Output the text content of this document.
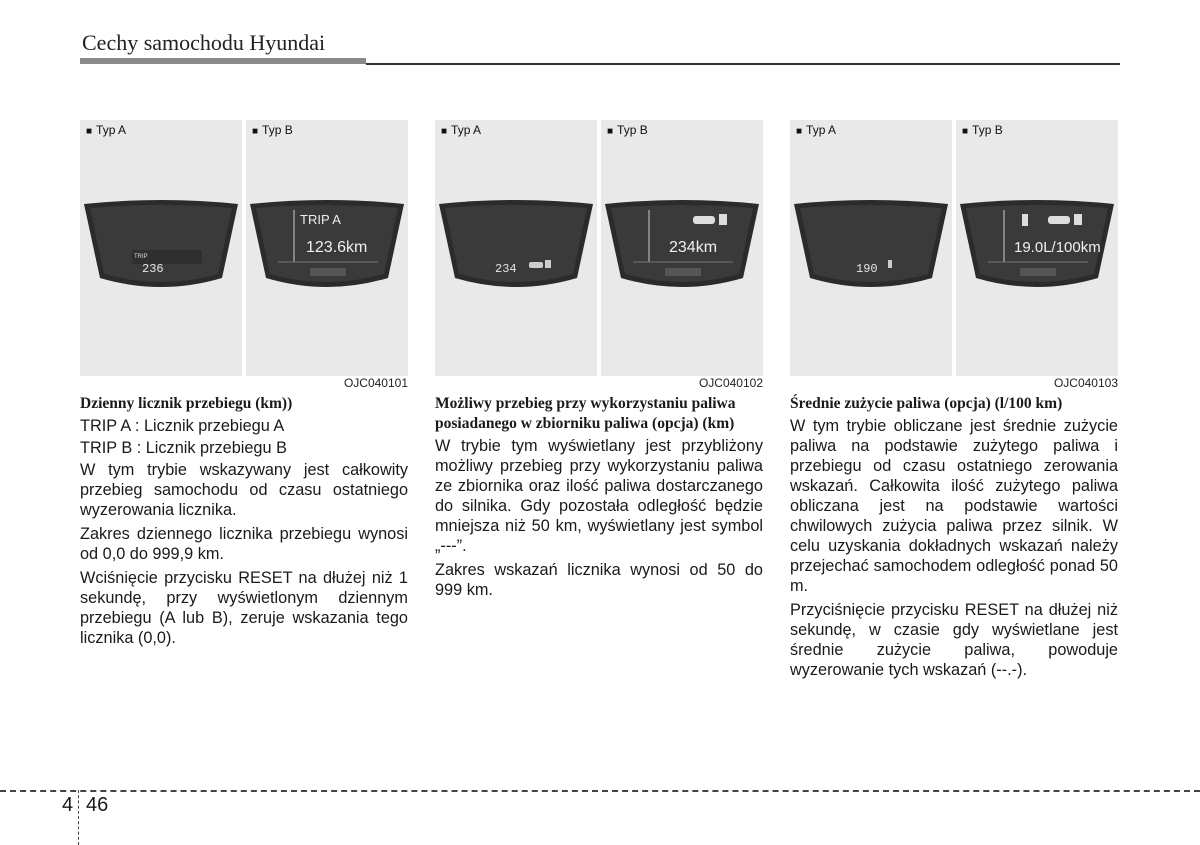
Cechy samochodu Hyundai
■ Typ A
TRIP
236
■ Typ B
TRIP A
123.6km
OJC040101
Dzienny licznik przebiegu (km))
TRIP A : Licznik przebiegu A
TRIP B : Licznik przebiegu B
W tym trybie wskazywany jest całkowity przebieg samochodu od czasu ostatniego wyzerowania licznika.
Zakres dziennego licznika przebiegu wynosi od 0,0 do 999,9 km.
Wciśnięcie przycisku RESET na dłużej niż 1 sekundę, przy wyświetlonym dziennym przebiegu (A lub B), zeruje wskazania tego licznika (0,0).
■ Typ A
234
■ Typ B
234km
OJC040102
Możliwy przebieg przy wykorzystaniu paliwa posiadanego w zbiorniku paliwa (opcja) (km)
W trybie tym wyświetlany jest przybliżony możliwy przebieg przy wykorzystaniu paliwa ze zbiornika oraz ilość paliwa dostarczanego do silnika. Gdy pozostała odległość będzie mniejsza niż 50 km, wyświetlany jest symbol „---”.
Zakres wskazań licznika wynosi od 50 do 999 km.
■ Typ A
190
■ Typ B
19.0L/100km
OJC040103
Średnie zużycie paliwa (opcja) (l/100 km)
W tym trybie obliczane jest średnie zużycie paliwa na podstawie zużytego paliwa i przebiegu od czasu ostatniego zerowania wskazań. Całkowita ilość zużytego paliwa obliczana jest na podstawie wartości chwilowych zużycia paliwa przez silnik. W celu uzyskania dokładnych wskazań należy przejechać samochodem odległość ponad 50 m.
Przyciśnięcie przycisku RESET na dłużej niż sekundę, w czasie gdy wyświetlane jest średnie zużycie paliwa, powoduje wyzerowanie tych wskazań (--.-).
4 46
